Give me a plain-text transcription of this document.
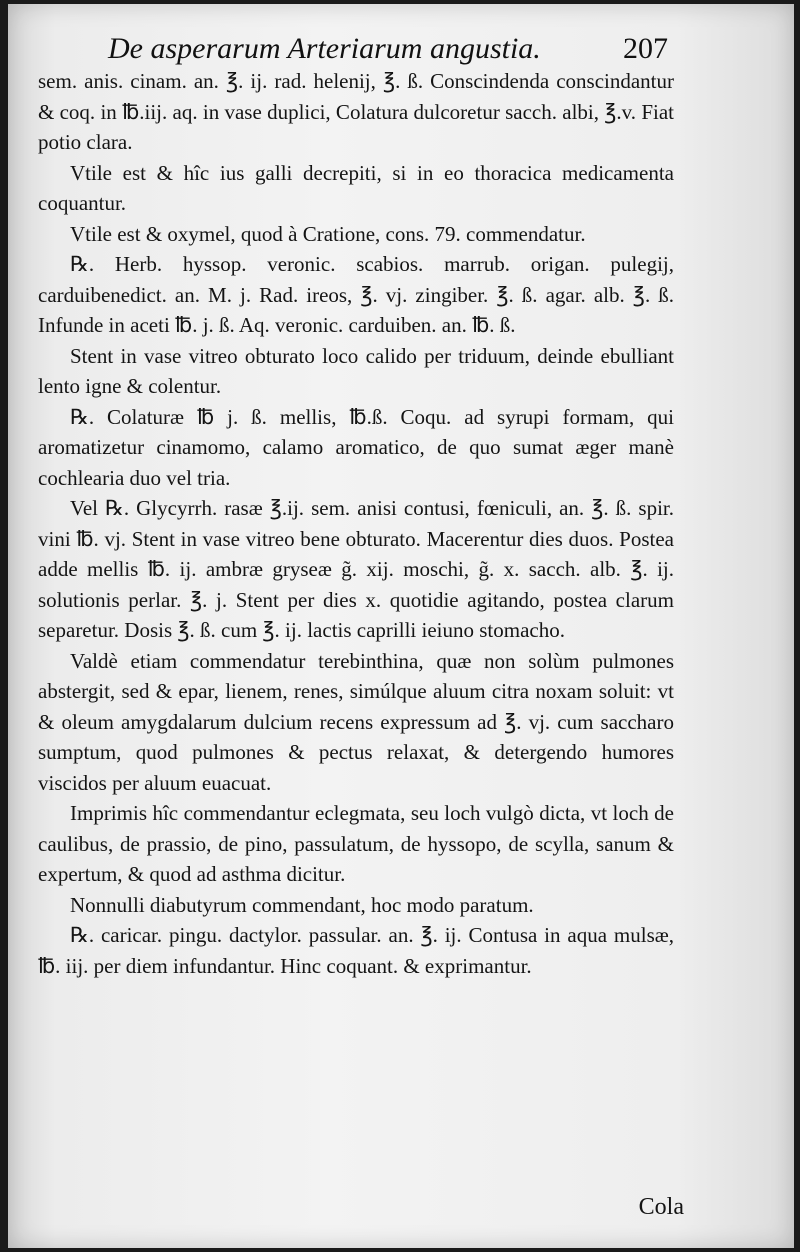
De asperarum Arteriarum angustia.	207

sem. anis. cinam. an. ℥. ij. rad. helenij, ℥. ß. Conscindenda conscindantur & coq. in ℔.iij. aq. in vase duplici, Colatura dulcoretur sacch. albi, ℥.v. Fiat potio clara.

Vtile est & hîc ius galli decrepiti, si in eo thoracica medicamenta coquantur.

Vtile est & oxymel, quod à Cratione, cons. 79. commendatur.

℞. Herb. hyssop. veronic. scabios. marrub. origan. pulegij, carduibenedict. an. M. j. Rad. ireos, ℥. vj. zingiber. ℥. ß. agar. alb. ℥. ß. Infunde in aceti ℔. j. ß. Aq. veronic. carduiben. an. ℔. ß.

Stent in vase vitreo obturato loco calido per triduum, deinde ebulliant lento igne & colentur.

℞. Colaturæ ℔ j. ß. mellis, ℔.ß. Coqu. ad syrupi formam, qui aromatizetur cinamomo, calamo aromatico, de quo sumat æger manè cochlearia duo vel tria.

Vel ℞. Glycyrrh. rasæ ℥.ij. sem. anisi contusi, fœniculi, an. ℥. ß. spir. vini ℔. vj. Stent in vase vitreo bene obturato. Macerentur dies duos. Postea adde mellis ℔. ij. ambræ gryseæ g̃. xij. moschi, g̃. x. sacch. alb. ℥. ij. solutionis perlar. ℥. j. Stent per dies x. quotidie agitando, postea clarum separetur. Dosis ℥. ß. cum ℥. ij. lactis caprilli ieiuno stomacho.

Valdè etiam commendatur terebinthina, quæ non solùm pulmones abstergit, sed & epar, lienem, renes, simúlque aluum citra noxam soluit: vt & oleum amygdalarum dulcium recens expressum ad ℥. vj. cum saccharo sumptum, quod pulmones & pectus relaxat, & detergendo humores viscidos per aluum euacuat.

Imprimis hîc commendantur eclegmata, seu loch vulgò dicta, vt loch de caulibus, de prassio, de pino, passulatum, de hyssopo, de scylla, sanum & expertum, & quod ad asthma dicitur.

Nonnulli diabutyrum commendant, hoc modo paratum.

℞. caricar. pingu. dactylor. passular. an. ℥. ij. Contusa in aqua mulsæ, ℔. iij. per diem infundantur. Hinc coquant. & exprimantur.

Cola
